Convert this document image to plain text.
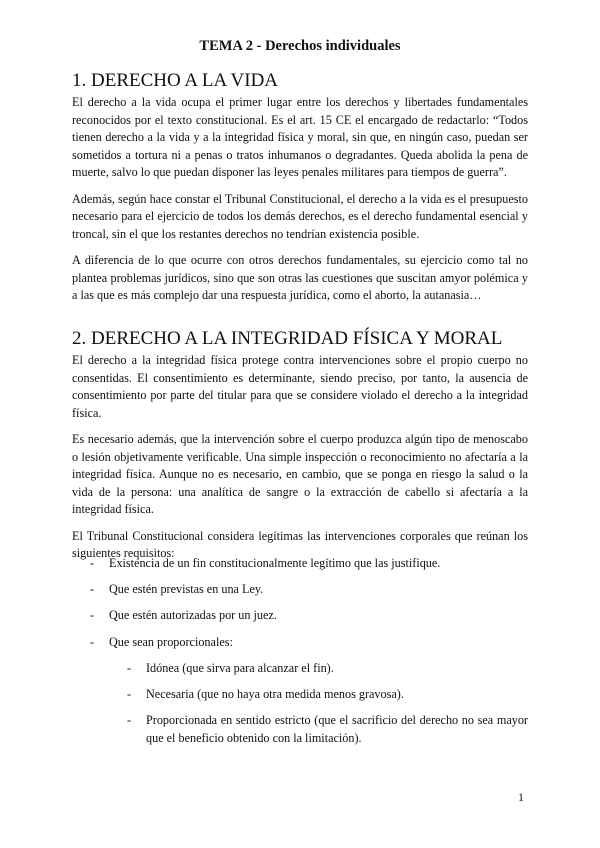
TEMA 2 - Derechos individuales
1. DERECHO A LA VIDA

El derecho a la vida ocupa el primer lugar entre los derechos y libertades fundamentales reconocidos por el texto constitucional. Es el art. 15 CE el encargado de redactarlo: “Todos tienen derecho a la vida y a la integridad física y moral, sin que, en ningún caso, puedan ser sometidos a tortura ni a penas o tratos inhumanos o degradantes. Queda abolida la pena de muerte, salvo lo que puedan disponer las leyes penales militares para tiempos de guerra”.

Además, según hace constar el Tribunal Constitucional, el derecho a la vida es el presupuesto necesario para el ejercicio de todos los demás derechos, es el derecho fundamental esencial y troncal, sin el que los restantes derechos no tendrían existencia posible.

A diferencia de lo que ocurre con otros derechos fundamentales, su ejercicio como tal no plantea problemas jurídicos, sino que son otras las cuestiones que suscitan amyor polémica y a las que es más complejo dar una respuesta jurídica, como el aborto, la autanasia…

2. DERECHO A LA INTEGRIDAD FÍSICA Y MORAL

El derecho a la integridad física protege contra intervenciones sobre el propio cuerpo no consentidas. El consentimiento es determinante, siendo preciso, por tanto, la ausencia de consentimiento por parte del titular para que se considere violado el derecho a la integridad física.

Es necesario además, que la intervención sobre el cuerpo produzca algún tipo de menoscabo o lesión objetivamente verificable. Una simple inspección o reconocimiento no afectaría a la integridad física. Aunque no es necesario, en cambio, que se ponga en riesgo la salud o la vida de la persona: una analítica de sangre o la extracción de cabello si afectaría a la integridad física.

El Tribunal Constitucional considera legítimas las intervenciones corporales que reúnan los siguientes requisitos:

- Existencia de un fin constitucionalmente legítimo que las justifique.
- Que estén previstas en una Ley.
- Que estén autorizadas por un juez.
- Que sean proporcionales:
- Idónea (que sirva para alcanzar el fin).
- Necesaria (que no haya otra medida menos gravosa).
- Proporcionada en sentido estricto (que el sacrificio del derecho no sea mayor que el beneficio obtenido con la limitación).
1
